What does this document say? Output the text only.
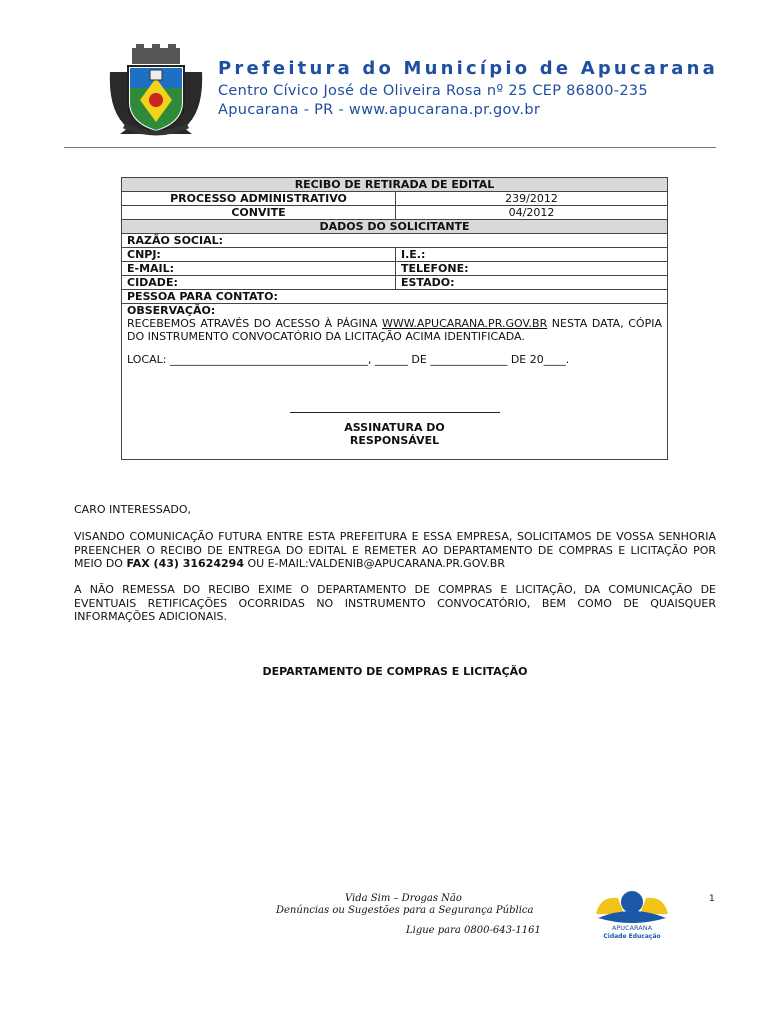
Prefeitura do Município de Apucarana
Centro Cívico José de Oliveira Rosa nº 25 CEP 86800-235
Apucarana - PR - www.apucarana.pr.gov.br
RECIBO DE RETIRADA DE EDITAL	
PROCESSO ADMINISTRATIVO	239/2012
CONVITE	04/2012
DADOS DO SOLICITANTE	
RAZÃO SOCIAL:	
CNPJ:	I.E.:
E-MAIL:	TELEFONE:
CIDADE:	ESTADO:
PESSOA PARA CONTATO:	

OBSERVAÇÃO:

RECEBEMOS ATRAVÉS DO ACESSO À PÁGINA WWW.APUCARANA.PR.GOV.BR NESTA DATA, CÓPIA DO INSTRUMENTO CONVOCATÓRIO DA LICITAÇÃO ACIMA IDENTIFICADA.

LOCAL: ____________________________________, ______ DE ______________ DE 20____.

ASSINATURA DO
RESPONSÁVEL	
CARO INTERESSADO,
VISANDO COMUNICAÇÃO FUTURA ENTRE ESTA PREFEITURA E ESSA EMPRESA, SOLICITAMOS DE VOSSA SENHORIA PREENCHER O RECIBO DE ENTREGA DO EDITAL E REMETER AO DEPARTAMENTO DE COMPRAS E LICITAÇÃO POR MEIO DO FAX (43) 31624294 OU E-MAIL:VALDENIB@APUCARANA.PR.GOV.BR
A NÃO REMESSA DO RECIBO EXIME O DEPARTAMENTO DE COMPRAS E LICITAÇÃO, DA COMUNICAÇÃO DE EVENTUAIS RETIFICAÇÕES OCORRIDAS NO INSTRUMENTO CONVOCATÓRIO, BEM COMO DE QUAISQUER INFORMAÇÕES ADICIONAIS.
DEPARTAMENTO DE COMPRAS E LICITAÇÃO
Vida Sim – Drogas Não
Denúncias ou Sugestões para a Segurança Pública
Ligue para 0800-643-1161	APUCARANA
Cidade Educação
1
